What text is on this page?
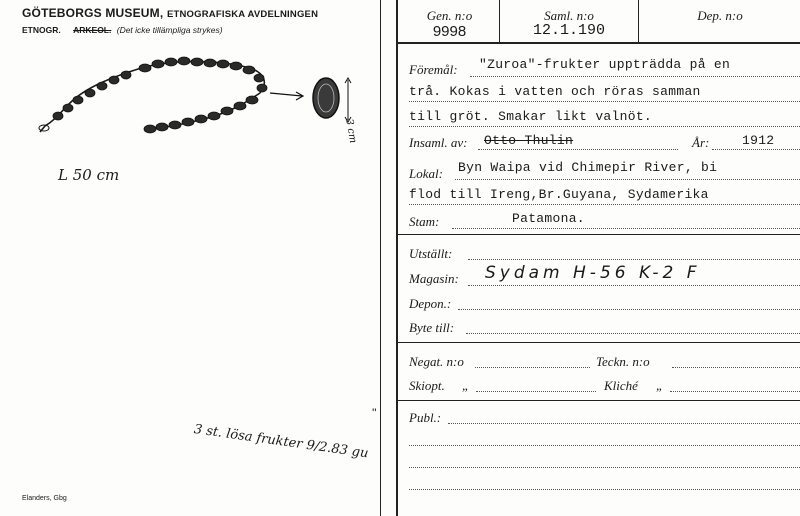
GÖTEBORGS MUSEUM, ETNOGRAFISKA AVDELNINGEN
ETNOGR. ARKEOL. (Det icke tillämpliga strykes)
3 cm
L 50 cm
3 st. lösa frukter 9/2.83 gu
''
Elanders, Gbg
Gen. n:o
9998
Saml. n:o
12.1.190
Dep. n:o
Föremål: "Zuroa"-frukter uppträdda på en
trå. Kokas i vatten och röras samman
till gröt. Smakar likt valnöt.
Insaml. av: Otto Thulin	År:	1912
Lokal: Byn Waipa vid Chimepir River, bi
flod till Ireng,Br.Guyana, Sydamerika
Stam:	Patamona.
Utställt:
Magasin: Sydam H-56 K-2 F
Depon.:
Byte till:
Negat. n:o	Teckn. n:o
Skiopt. „	Kliché „
Publ.:
